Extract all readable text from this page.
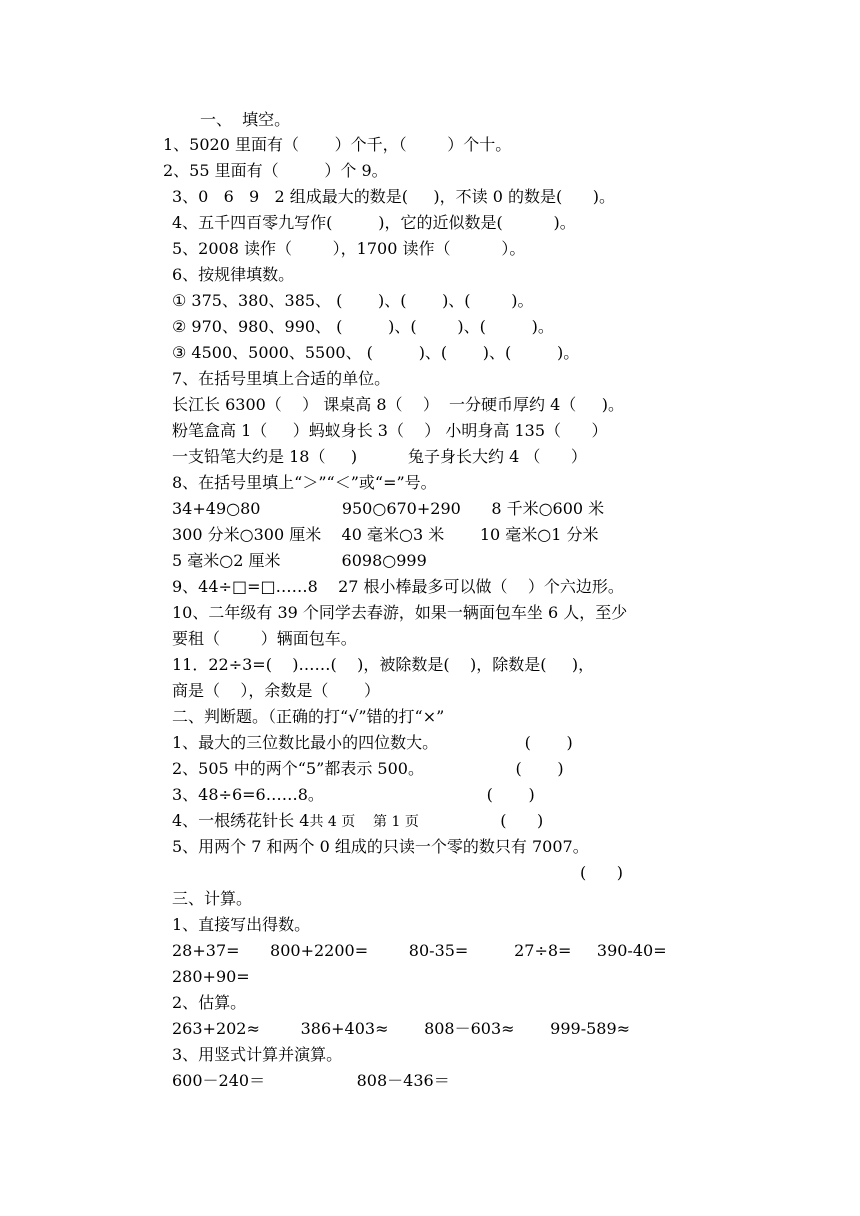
一、  填空。
1、5020 里面有（       ）个千，（        ）个十。
2、55 里面有（         ）个 9。
3、0   6   9   2 组成最大的数是(     )，不读 0 的数是(      )。
4、五千四百零九写作(         )，它的近似数是(          )。
5、2008 读作（        ），1700 读作（          ）。
6、按规律填数。
① 375、380、385、 (       )、(       )、(        )。
② 970、980、990、 (         )、(        )、(         )。
③ 4500、5000、5500、 (         )、(       )、(         )。
7、在括号里填上合适的单位。
长江长 6300（    ） 课桌高 8（    ）  一分硬币厚约 4（     )。
粉笔盒高 1（     ）蚂蚁身长 3（    ） 小明身高 135（      ）
一支铅笔大约是 18（     )          兔子身长大约 4 （      ）
8、在括号里填上“＞”“＜”或“=”号。
34+49○80                950○670+290      8 千米○600 米
300 分米○300 厘米    40 毫米○3 米       10 毫米○1 分米
5 毫米○2 厘米            6098○999
9、44÷□=□……8    27 根小棒最多可以做（    ）个六边形。
10、二年级有 39 个同学去春游，如果一辆面包车坐 6 人，至少
要租（        ）辆面包车。
11．22÷3=(    )……(    )，被除数是(    )，除数是(     )，
商是（    ），余数是（       ）
二、判断题。（正确的打“√”错的打“×”
1、最大的三位数比最小的四位数大。                 (       )
2、505 中的两个“5”都表示 500。                  (       )
3、48÷6=6……8。                                (       )
4、一根绣花针长 4共 4 页    第 1 页                (      )
5、用两个 7 和两个 0 组成的只读一个零的数只有 7007。
(      )
三、计算。
1、直接写出得数。
28+37=      800+2200=        80-35=         27÷8=     390-40=
280+90=
2、估算。
263+202≈        386+403≈       808－603≈       999-589≈
3、用竖式计算并演算。
600－240＝                  808－436＝
